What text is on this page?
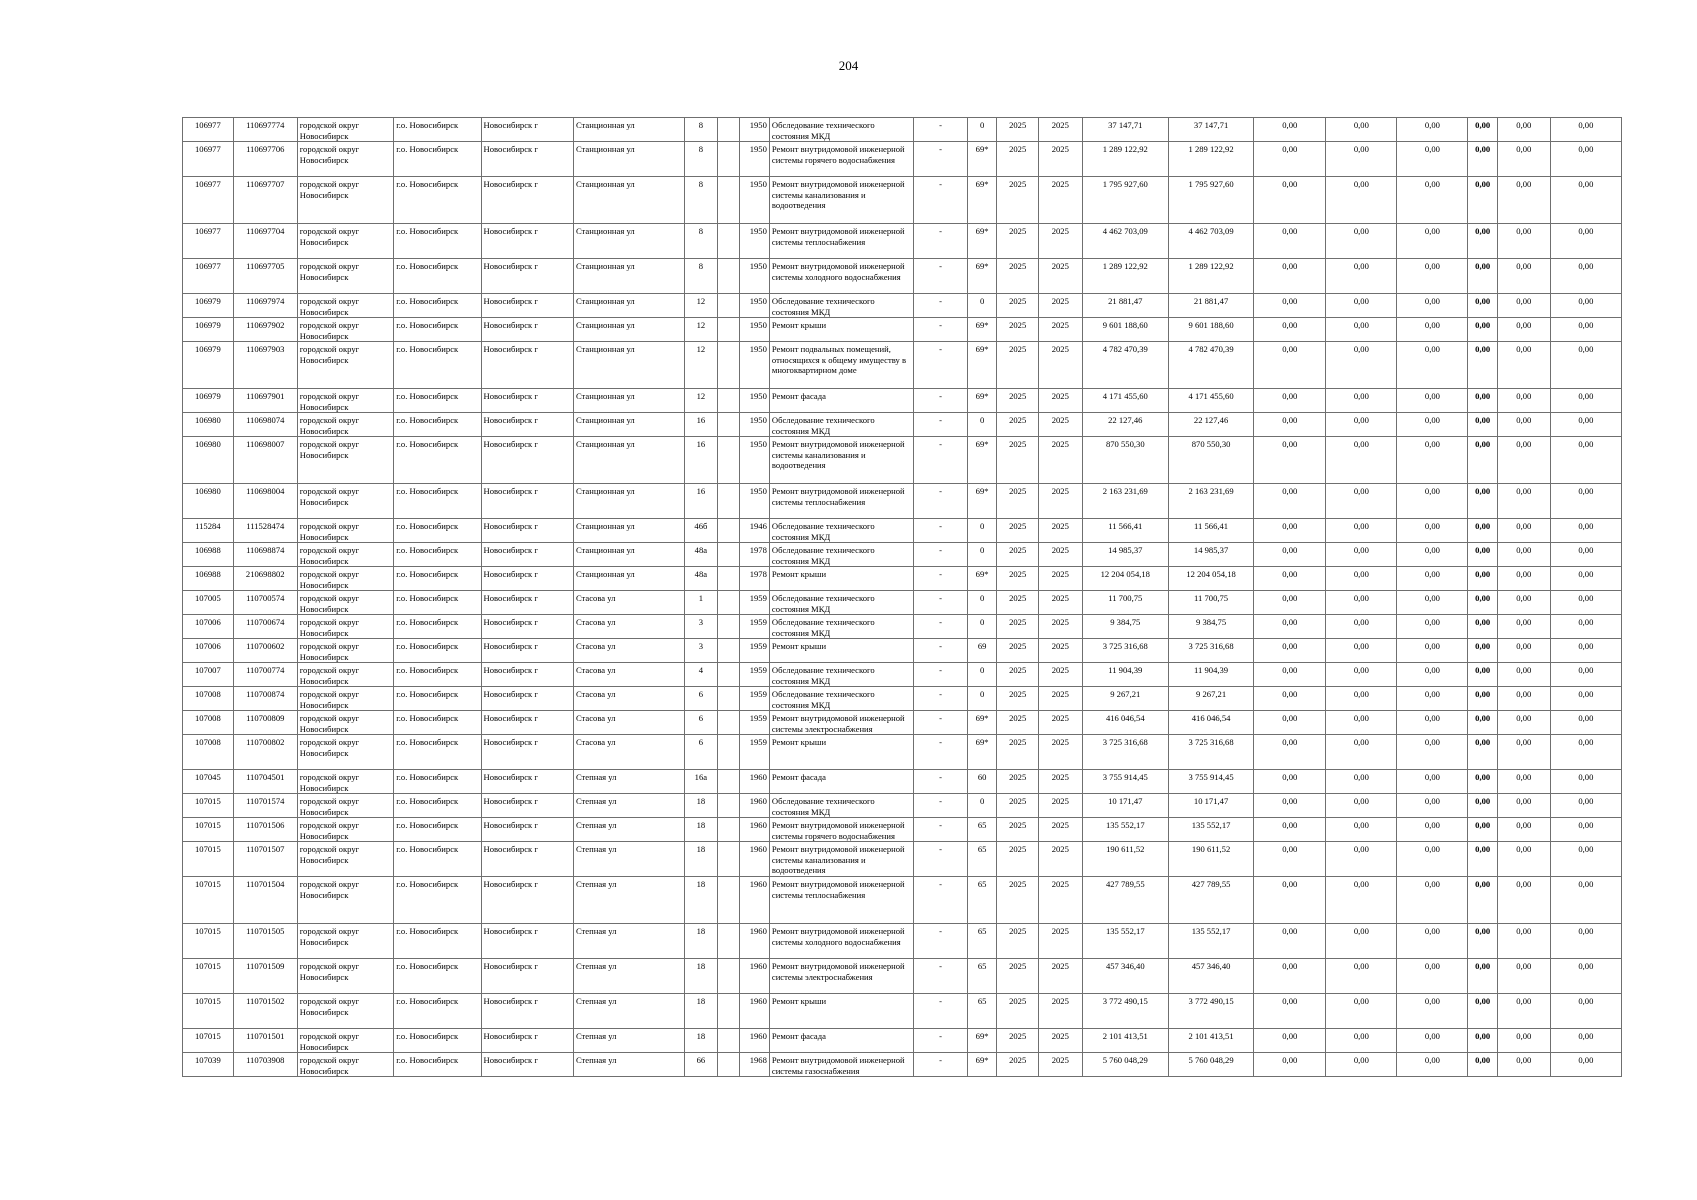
204
106977	110697774	городской округ Новосибирск	г.о. Новосибирск	Новосибирск г	Станционная ул	8		1950	Обследование технического состояния МКД	-	0	2025	2025	37 147,71	37 147,71	0,00	0,00	0,00	0,00	0,00	0,00
106977	110697706	городской округ Новосибирск	г.о. Новосибирск	Новосибирск г	Станционная ул	8		1950	Ремонт внутридомовой инженерной системы горячего водоснабжения	-	69*	2025	2025	1 289 122,92	1 289 122,92	0,00	0,00	0,00	0,00	0,00	0,00
106977	110697707	городской округ Новосибирск	г.о. Новосибирск	Новосибирск г	Станционная ул	8		1950	Ремонт внутридомовой инженерной системы канализования и водоотведения	-	69*	2025	2025	1 795 927,60	1 795 927,60	0,00	0,00	0,00	0,00	0,00	0,00
106977	110697704	городской округ Новосибирск	г.о. Новосибирск	Новосибирск г	Станционная ул	8		1950	Ремонт внутридомовой инженерной системы теплоснабжения	-	69*	2025	2025	4 462 703,09	4 462 703,09	0,00	0,00	0,00	0,00	0,00	0,00
106977	110697705	городской округ Новосибирск	г.о. Новосибирск	Новосибирск г	Станционная ул	8		1950	Ремонт внутридомовой инженерной системы холодного водоснабжения	-	69*	2025	2025	1 289 122,92	1 289 122,92	0,00	0,00	0,00	0,00	0,00	0,00
106979	110697974	городской округ Новосибирск	г.о. Новосибирск	Новосибирск г	Станционная ул	12		1950	Обследование технического состояния МКД	-	0	2025	2025	21 881,47	21 881,47	0,00	0,00	0,00	0,00	0,00	0,00
106979	110697902	городской округ Новосибирск	г.о. Новосибирск	Новосибирск г	Станционная ул	12		1950	Ремонт крыши	-	69*	2025	2025	9 601 188,60	9 601 188,60	0,00	0,00	0,00	0,00	0,00	0,00
106979	110697903	городской округ Новосибирск	г.о. Новосибирск	Новосибирск г	Станционная ул	12		1950	Ремонт подвальных помещений, относящихся к общему имуществу в многоквартирном доме	-	69*	2025	2025	4 782 470,39	4 782 470,39	0,00	0,00	0,00	0,00	0,00	0,00
106979	110697901	городской округ Новосибирск	г.о. Новосибирск	Новосибирск г	Станционная ул	12		1950	Ремонт фасада	-	69*	2025	2025	4 171 455,60	4 171 455,60	0,00	0,00	0,00	0,00	0,00	0,00
106980	110698074	городской округ Новосибирск	г.о. Новосибирск	Новосибирск г	Станционная ул	16		1950	Обследование технического состояния МКД	-	0	2025	2025	22 127,46	22 127,46	0,00	0,00	0,00	0,00	0,00	0,00
106980	110698007	городской округ Новосибирск	г.о. Новосибирск	Новосибирск г	Станционная ул	16		1950	Ремонт внутридомовой инженерной системы канализования и водоотведения	-	69*	2025	2025	870 550,30	870 550,30	0,00	0,00	0,00	0,00	0,00	0,00
106980	110698004	городской округ Новосибирск	г.о. Новосибирск	Новосибирск г	Станционная ул	16		1950	Ремонт внутридомовой инженерной системы теплоснабжения	-	69*	2025	2025	2 163 231,69	2 163 231,69	0,00	0,00	0,00	0,00	0,00	0,00
115284	111528474	городской округ Новосибирск	г.о. Новосибирск	Новосибирск г	Станционная ул	46б		1946	Обследование технического состояния МКД	-	0	2025	2025	11 566,41	11 566,41	0,00	0,00	0,00	0,00	0,00	0,00
106988	110698874	городской округ Новосибирск	г.о. Новосибирск	Новосибирск г	Станционная ул	48а		1978	Обследование технического состояния МКД	-	0	2025	2025	14 985,37	14 985,37	0,00	0,00	0,00	0,00	0,00	0,00
106988	210698802	городской округ Новосибирск	г.о. Новосибирск	Новосибирск г	Станционная ул	48а		1978	Ремонт крыши	-	69*	2025	2025	12 204 054,18	12 204 054,18	0,00	0,00	0,00	0,00	0,00	0,00
107005	110700574	городской округ Новосибирск	г.о. Новосибирск	Новосибирск г	Стасова ул	1		1959	Обследование технического состояния МКД	-	0	2025	2025	11 700,75	11 700,75	0,00	0,00	0,00	0,00	0,00	0,00
107006	110700674	городской округ Новосибирск	г.о. Новосибирск	Новосибирск г	Стасова ул	3		1959	Обследование технического состояния МКД	-	0	2025	2025	9 384,75	9 384,75	0,00	0,00	0,00	0,00	0,00	0,00
107006	110700602	городской округ Новосибирск	г.о. Новосибирск	Новосибирск г	Стасова ул	3		1959	Ремонт крыши	-	69	2025	2025	3 725 316,68	3 725 316,68	0,00	0,00	0,00	0,00	0,00	0,00
107007	110700774	городской округ Новосибирск	г.о. Новосибирск	Новосибирск г	Стасова ул	4		1959	Обследование технического состояния МКД	-	0	2025	2025	11 904,39	11 904,39	0,00	0,00	0,00	0,00	0,00	0,00
107008	110700874	городской округ Новосибирск	г.о. Новосибирск	Новосибирск г	Стасова ул	6		1959	Обследование технического состояния МКД	-	0	2025	2025	9 267,21	9 267,21	0,00	0,00	0,00	0,00	0,00	0,00
107008	110700809	городской округ Новосибирск	г.о. Новосибирск	Новосибирск г	Стасова ул	6		1959	Ремонт внутридомовой инженерной системы электроснабжения	-	69*	2025	2025	416 046,54	416 046,54	0,00	0,00	0,00	0,00	0,00	0,00
107008	110700802	городской округ Новосибирск	г.о. Новосибирск	Новосибирск г	Стасова ул	6		1959	Ремонт крыши	-	69*	2025	2025	3 725 316,68	3 725 316,68	0,00	0,00	0,00	0,00	0,00	0,00
107045	110704501	городской округ Новосибирск	г.о. Новосибирск	Новосибирск г	Степная ул	16а		1960	Ремонт фасада	-	60	2025	2025	3 755 914,45	3 755 914,45	0,00	0,00	0,00	0,00	0,00	0,00
107015	110701574	городской округ Новосибирск	г.о. Новосибирск	Новосибирск г	Степная ул	18		1960	Обследование технического состояния МКД	-	0	2025	2025	10 171,47	10 171,47	0,00	0,00	0,00	0,00	0,00	0,00
107015	110701506	городской округ Новосибирск	г.о. Новосибирск	Новосибирск г	Степная ул	18		1960	Ремонт внутридомовой инженерной системы горячего водоснабжения	-	65	2025	2025	135 552,17	135 552,17	0,00	0,00	0,00	0,00	0,00	0,00
107015	110701507	городской округ Новосибирск	г.о. Новосибирск	Новосибирск г	Степная ул	18		1960	Ремонт внутридомовой инженерной системы канализования и водоотведения	-	65	2025	2025	190 611,52	190 611,52	0,00	0,00	0,00	0,00	0,00	0,00
107015	110701504	городской округ Новосибирск	г.о. Новосибирск	Новосибирск г	Степная ул	18		1960	Ремонт внутридомовой инженерной системы теплоснабжения	-	65	2025	2025	427 789,55	427 789,55	0,00	0,00	0,00	0,00	0,00	0,00
107015	110701505	городской округ Новосибирск	г.о. Новосибирск	Новосибирск г	Степная ул	18		1960	Ремонт внутридомовой инженерной системы холодного водоснабжения	-	65	2025	2025	135 552,17	135 552,17	0,00	0,00	0,00	0,00	0,00	0,00
107015	110701509	городской округ Новосибирск	г.о. Новосибирск	Новосибирск г	Степная ул	18		1960	Ремонт внутридомовой инженерной системы электроснабжения	-	65	2025	2025	457 346,40	457 346,40	0,00	0,00	0,00	0,00	0,00	0,00
107015	110701502	городской округ Новосибирск	г.о. Новосибирск	Новосибирск г	Степная ул	18		1960	Ремонт крыши	-	65	2025	2025	3 772 490,15	3 772 490,15	0,00	0,00	0,00	0,00	0,00	0,00
107015	110701501	городской округ Новосибирск	г.о. Новосибирск	Новосибирск г	Степная ул	18		1960	Ремонт фасада	-	69*	2025	2025	2 101 413,51	2 101 413,51	0,00	0,00	0,00	0,00	0,00	0,00
107039	110703908	городской округ Новосибирск	г.о. Новосибирск	Новосибирск г	Степная ул	66		1968	Ремонт внутридомовой инженерной системы газоснабжения	-	69*	2025	2025	5 760 048,29	5 760 048,29	0,00	0,00	0,00	0,00	0,00	0,00
